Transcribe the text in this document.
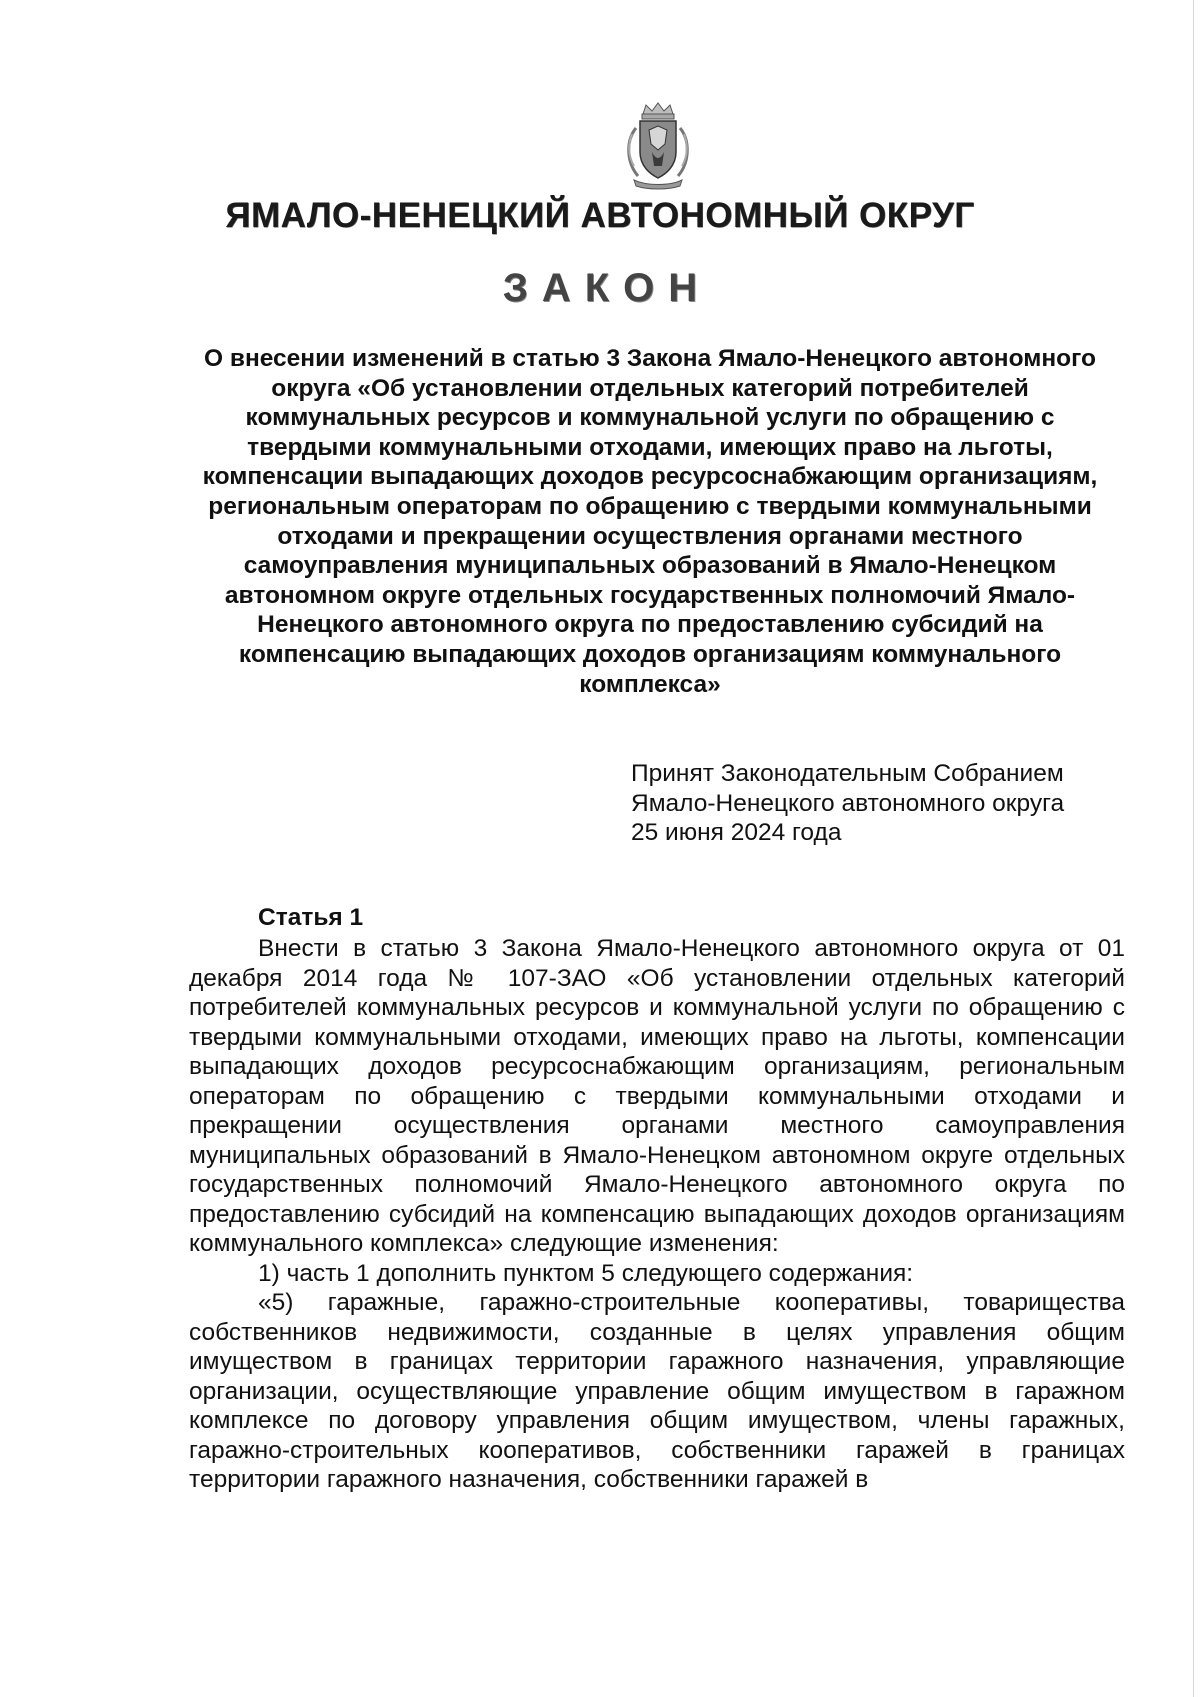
ЯМАЛО-НЕНЕЦКИЙ АВТОНОМНЫЙ ОКРУГ
ЗАКОН
О внесении изменений в статью 3 Закона Ямало-Ненецкого автономного округа «Об установлении отдельных категорий потребителей коммунальных ресурсов и коммунальной услуги по обращению с твердыми коммунальными отходами, имеющих право на льготы, компенсации выпадающих доходов ресурсоснабжающим организациям, региональным операторам по обращению с твердыми коммунальными отходами и прекращении осуществления органами местного самоуправления муниципальных образований в Ямало-Ненецком автономном округе отдельных государственных полномочий Ямало-Ненецкого автономного округа по предоставлению субсидий на компенсацию выпадающих доходов организациям коммунального комплекса»
Принят Законодательным Собранием
Ямало-Ненецкого автономного округа
25 июня 2024 года
Статья 1

Внести в статью 3 Закона Ямало-Ненецкого автономного округа от 01 декабря 2014 года № 107-ЗАО «Об установлении отдельных категорий потребителей коммунальных ресурсов и коммунальной услуги по обращению с твердыми коммунальными отходами, имеющих право на льготы, компенсации выпадающих доходов ресурсоснабжающим организациям, региональным операторам по обращению с твердыми коммунальными отходами и прекращении осуществления органами местного самоуправления муниципальных образований в Ямало-Ненецком автономном округе отдельных государственных полномочий Ямало-Ненецкого автономного округа по предоставлению субсидий на компенсацию выпадающих доходов организациям коммунального комплекса» следующие изменения:

1) часть 1 дополнить пунктом 5 следующего содержания:

«5) гаражные, гаражно-строительные кооперативы, товарищества собственников недвижимости, созданные в целях управления общим имуществом в границах территории гаражного назначения, управляющие организации, осуществляющие управление общим имуществом в гаражном комплексе по договору управления общим имуществом, члены гаражных, гаражно-строительных кооперативов, собственники гаражей в границах территории гаражного назначения, собственники гаражей в
